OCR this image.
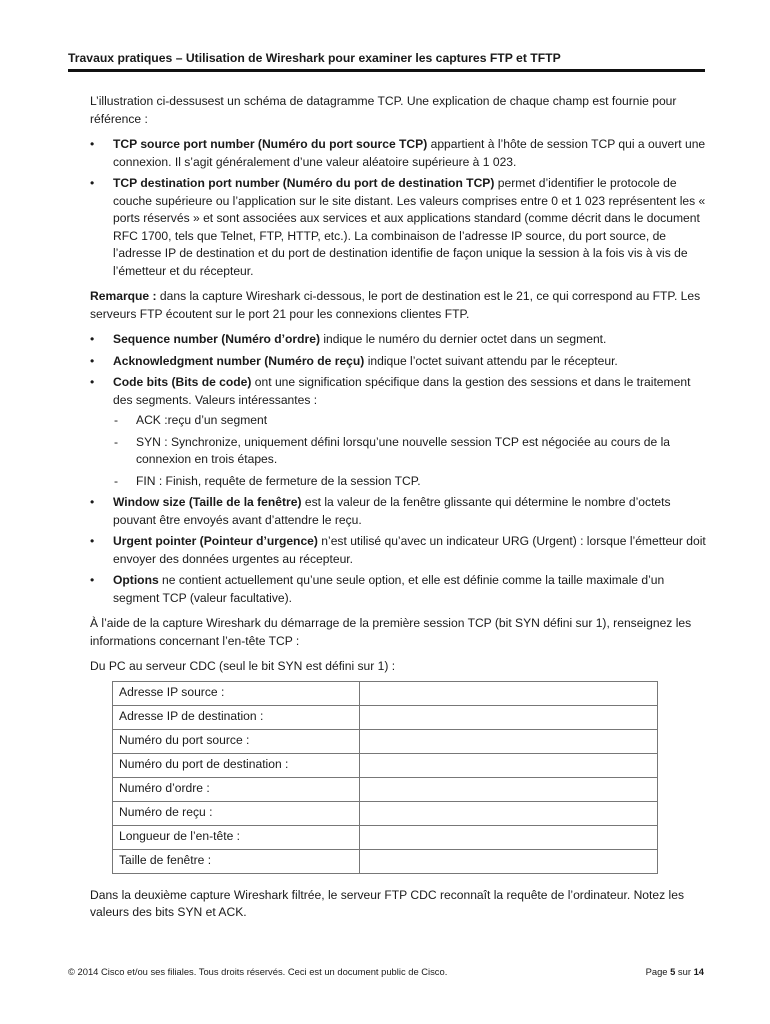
Travaux pratiques – Utilisation de Wireshark pour examiner les captures FTP et TFTP

L’illustration ci-dessusest un schéma de datagramme TCP. Une explication de chaque champ est fournie pour référence :

• TCP source port number (Numéro du port source TCP) appartient à l’hôte de session TCP qui a ouvert une connexion. Il s’agit généralement d’une valeur aléatoire supérieure à 1 023.
• TCP destination port number (Numéro du port de destination TCP) permet d’identifier le protocole de couche supérieure ou l’application sur le site distant. Les valeurs comprises entre 0 et 1 023 représentent les « ports réservés » et sont associées aux services et aux applications standard (comme décrit dans le document RFC 1700, tels que Telnet, FTP, HTTP, etc.). La combinaison de l’adresse IP source, du port source, de l’adresse IP de destination et du port de destination identifie de façon unique la session à la fois vis à vis de l’émetteur et du récepteur.

Remarque : dans la capture Wireshark ci-dessous, le port de destination est le 21, ce qui correspond au FTP. Les serveurs FTP écoutent sur le port 21 pour les connexions clientes FTP.

• Sequence number (Numéro d’ordre) indique le numéro du dernier octet dans un segment.
• Acknowledgment number (Numéro de reçu) indique l’octet suivant attendu par le récepteur.
• Code bits (Bits de code) ont une signification spécifique dans la gestion des sessions et dans le traitement des segments. Valeurs intéressantes :
- ACK :reçu d’un segment
- SYN : Synchronize, uniquement défini lorsqu’une nouvelle session TCP est négociée au cours de la connexion en trois étapes.
- FIN : Finish, requête de fermeture de la session TCP.
• Window size (Taille de la fenêtre) est la valeur de la fenêtre glissante qui détermine le nombre d’octets pouvant être envoyés avant d’attendre le reçu.
• Urgent pointer (Pointeur d’urgence) n’est utilisé qu’avec un indicateur URG (Urgent) : lorsque l’émetteur doit envoyer des données urgentes au récepteur.
• Options ne contient actuellement qu’une seule option, et elle est définie comme la taille maximale d’un segment TCP (valeur facultative).

À l’aide de la capture Wireshark du démarrage de la première session TCP (bit SYN défini sur 1), renseignez les informations concernant l’en-tête TCP :

Du PC au serveur CDC (seul le bit SYN est défini sur 1) :

Adresse IP source :	
Adresse IP de destination :	
Numéro du port source :	
Numéro du port de destination :	
Numéro d’ordre :	
Numéro de reçu :	
Longueur de l’en-tête :	
Taille de fenêtre :	

Dans la deuxième capture Wireshark filtrée, le serveur FTP CDC reconnaît la requête de l’ordinateur. Notez les valeurs des bits SYN et ACK.

© 2014 Cisco et/ou ses filiales. Tous droits réservés. Ceci est un document public de Cisco.	Page 5 sur 14
